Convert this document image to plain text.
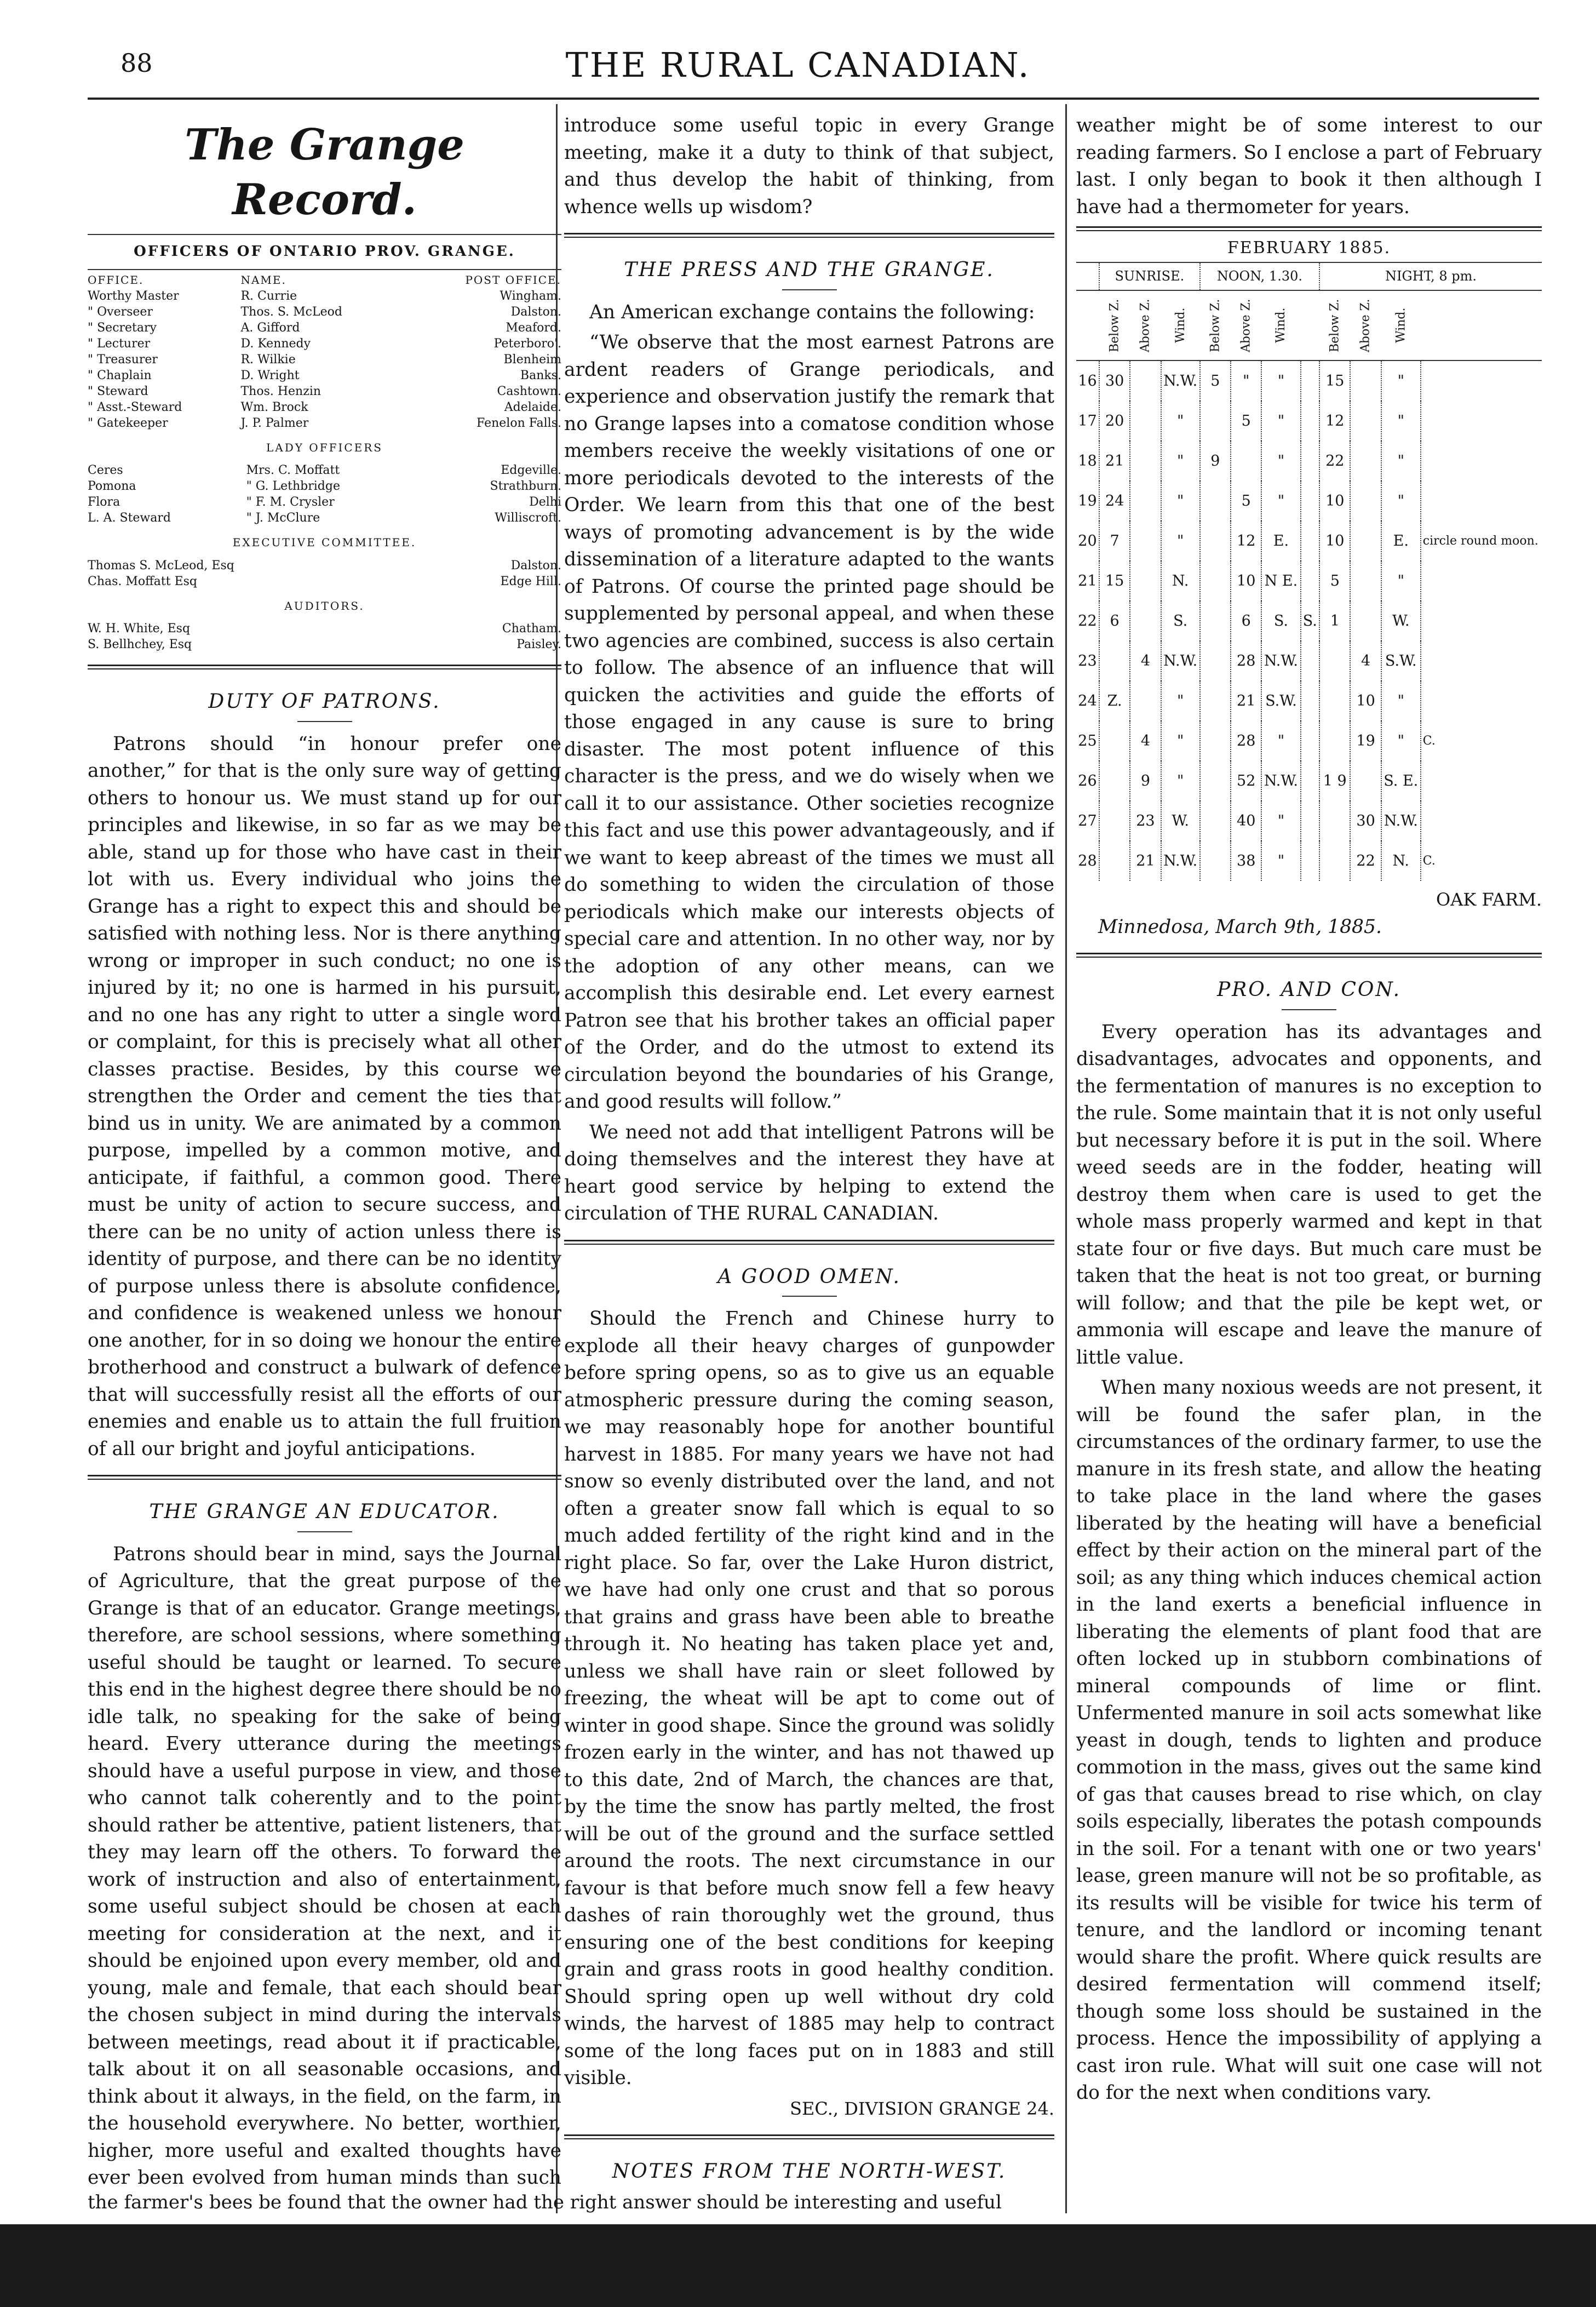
88	THE RURAL CANADIAN.
The Grange Record.
OFFICERS OF ONTARIO PROV. GRANGE.
OFFICE.	NAME.	POST OFFICE.
Worthy Master	R. Currie	Wingham.
" Overseer	Thos. S. McLeod	Dalston.
" Secretary	A. Gifford	Meaford.
" Lecturer	D. Kennedy	Peterboro'.
" Treasurer	R. Wilkie	Blenheim
" Chaplain	D. Wright	Banks.
" Steward	Thos. Henzin	Cashtown.
" Asst.-Steward	Wm. Brock	Adelaide.
" Gatekeeper	J. P. Palmer	Fenelon Falls.
LADY OFFICERS
Ceres	Mrs. C. Moffatt	Edgeville.
Pomona	" G. Lethbridge	Strathburn.
Flora	" F. M. Crysler	Delhi
L. A. Steward	" J. McClure	Williscroft.
EXECUTIVE COMMITTEE.
Thomas S. McLeod, Esq	Dalston.
Chas. Moffatt Esq	Edge Hill.
AUDITORS.
W. H. White, Esq	Chatham.
S. Bellhchey, Esq	Paisley.
DUTY OF PATRONS.

Patrons should “in honour prefer one another,” for that is the only sure way of getting others to honour us. We must stand up for our principles and likewise, in so far as we may be able, stand up for those who have cast in their lot with us. Every individual who joins the Grange has a right to expect this and should be satisfied with nothing less. Nor is there anything wrong or improper in such conduct; no one is injured by it; no one is harmed in his pursuit, and no one has any right to utter a single word or complaint, for this is precisely what all other classes practise. Besides, by this course we strengthen the Order and cement the ties that bind us in unity. We are animated by a common purpose, impelled by a common motive, and anticipate, if faithful, a common good. There must be unity of action to secure success, and there can be no unity of action unless there is identity of purpose, and there can be no identity of purpose unless there is absolute confidence, and confidence is weakened unless we honour one another, for in so doing we honour the entire brotherhood and construct a bulwark of defence that will successfully resist all the efforts of our enemies and enable us to attain the full fruition of all our bright and joyful anticipations.

THE GRANGE AN EDUCATOR.

Patrons should bear in mind, says the Journal of Agriculture, that the great purpose of the Grange is that of an educator. Grange meetings, therefore, are school sessions, where something useful should be taught or learned. To secure this end in the highest degree there should be no idle talk, no speaking for the sake of being heard. Every utterance during the meetings should have a useful purpose in view, and those who cannot talk coherently and to the point should rather be attentive, patient listeners, that they may learn off the others. To forward the work of instruction and also of entertainment, some useful subject should be chosen at each meeting for consideration at the next, and it should be enjoined upon every member, old and young, male and female, that each should bear the chosen subject in mind during the intervals between meetings, read about it if practicable, talk about it on all seasonable occasions, and think about it always, in the field, on the farm, in the household everywhere. No better, worthier, higher, more useful and exalted thoughts have ever been evolved from human minds than such

introduce some useful topic in every Grange meeting, make it a duty to think of that subject, and thus develop the habit of thinking, from whence wells up wisdom?

THE PRESS AND THE GRANGE.

An American exchange contains the following:

“We observe that the most earnest Patrons are ardent readers of Grange periodicals, and experience and observation justify the remark that no Grange lapses into a comatose condition whose members receive the weekly visitations of one or more periodicals devoted to the interests of the Order. We learn from this that one of the best ways of promoting advancement is by the wide dissemination of a literature adapted to the wants of Patrons. Of course the printed page should be supplemented by personal appeal, and when these two agencies are combined, success is also certain to follow. The absence of an influence that will quicken the activities and guide the efforts of those engaged in any cause is sure to bring disaster. The most potent influence of this character is the press, and we do wisely when we call it to our assistance. Other societies recognize this fact and use this power advantageously, and if we want to keep abreast of the times we must all do something to widen the circulation of those periodicals which make our interests objects of special care and attention. In no other way, nor by the adoption of any other means, can we accomplish this desirable end. Let every earnest Patron see that his brother takes an official paper of the Order, and do the utmost to extend its circulation beyond the boundaries of his Grange, and good results will follow.”

We need not add that intelligent Patrons will be doing themselves and the interest they have at heart good service by helping to extend the circulation of THE RURAL CANADIAN.

A GOOD OMEN.

Should the French and Chinese hurry to explode all their heavy charges of gunpowder before spring opens, so as to give us an equable atmospheric pressure during the coming season, we may reasonably hope for another bountiful harvest in 1885. For many years we have not had snow so evenly distributed over the land, and not often a greater snow fall which is equal to so much added fertility of the right kind and in the right place. So far, over the Lake Huron district, we have had only one crust and that so porous that grains and grass have been able to breathe through it. No heating has taken place yet and, unless we shall have rain or sleet followed by freezing, the wheat will be apt to come out of winter in good shape. Since the ground was solidly frozen early in the winter, and has not thawed up to this date, 2nd of March, the chances are that, by the time the snow has partly melted, the frost will be out of the ground and the surface settled around the roots. The next circumstance in our favour is that before much snow fell a few heavy dashes of rain thoroughly wet the ground, thus ensuring one of the best conditions for keeping grain and grass roots in good healthy condition. Should spring open up well without dry cold winds, the harvest of 1885 may help to contract some of the long faces put on in 1883 and still visible.

SEC., DIVISION GRANGE 24.
NOTES FROM THE NORTH-WEST.

weather might be of some interest to our reading farmers. So I enclose a part of February last. I only began to book it then although I have had a thermometer for years.

FEBRUARY 1885.
	SUNRISE.			NOON, 1.30.				NIGHT, 8 pm.			
	Below Z.	Above Z.	Wind.	Below Z.	Above Z.	Wind.		Below Z.	Above Z.	Wind.	
16	30		N.W.	5	"	"		15		"	
17	20		"		5	"		12		"	
18	21		"	9		"		22		"	
19	24		"		5	"		10		"	
20	7		"		12	E.		10		E.	circle round moon.
21	15		N.		10	N E.		5		"	
22	6		S.		6	S.	S.	1		W.	
23		4	N.W.		28	N.W.			4	S.W.	
24	Z.		"		21	S.W.			10	"	
25		4	"		28	"			19	"	C.
26		9	"		52	N.W.		1 9		S. E.	
27		23	W.		40	"			30	N.W.	
28		21	N.W.		38	"			22	N.	C.
OAK FARM.
Minnedosa, March 9th, 1885.
PRO. AND CON.

Every operation has its advantages and disadvantages, advocates and opponents, and the fermentation of manures is no exception to the rule. Some maintain that it is not only useful but necessary before it is put in the soil. Where weed seeds are in the fodder, heating will destroy them when care is used to get the whole mass properly warmed and kept in that state four or five days. But much care must be taken that the heat is not too great, or burning will follow; and that the pile be kept wet, or ammonia will escape and leave the manure of little value.

When many noxious weeds are not present, it will be found the safer plan, in the circumstances of the ordinary farmer, to use the manure in its fresh state, and allow the heating to take place in the land where the gases liberated by the heating will have a beneficial effect by their action on the mineral part of the soil; as any thing which induces chemical action in the land exerts a beneficial influence in liberating the elements of plant food that are often locked up in stubborn combinations of mineral compounds of lime or flint. Unfermented manure in soil acts somewhat like yeast in dough, tends to lighten and produce commotion in the mass, gives out the same kind of gas that causes bread to rise which, on clay soils especially, liberates the potash compounds in the soil. For a tenant with one or two years' lease, green manure will not be so profitable, as its results will be visible for twice his term of tenure, and the landlord or incoming tenant would share the profit. Where quick results are desired fermentation will commend itself; though some loss should be sustained in the process. Hence the impossibility of applying a cast iron rule. What will suit one case will not do for the next when conditions vary.

the farmer's bees be found that the owner had the right answer should be interesting and useful
